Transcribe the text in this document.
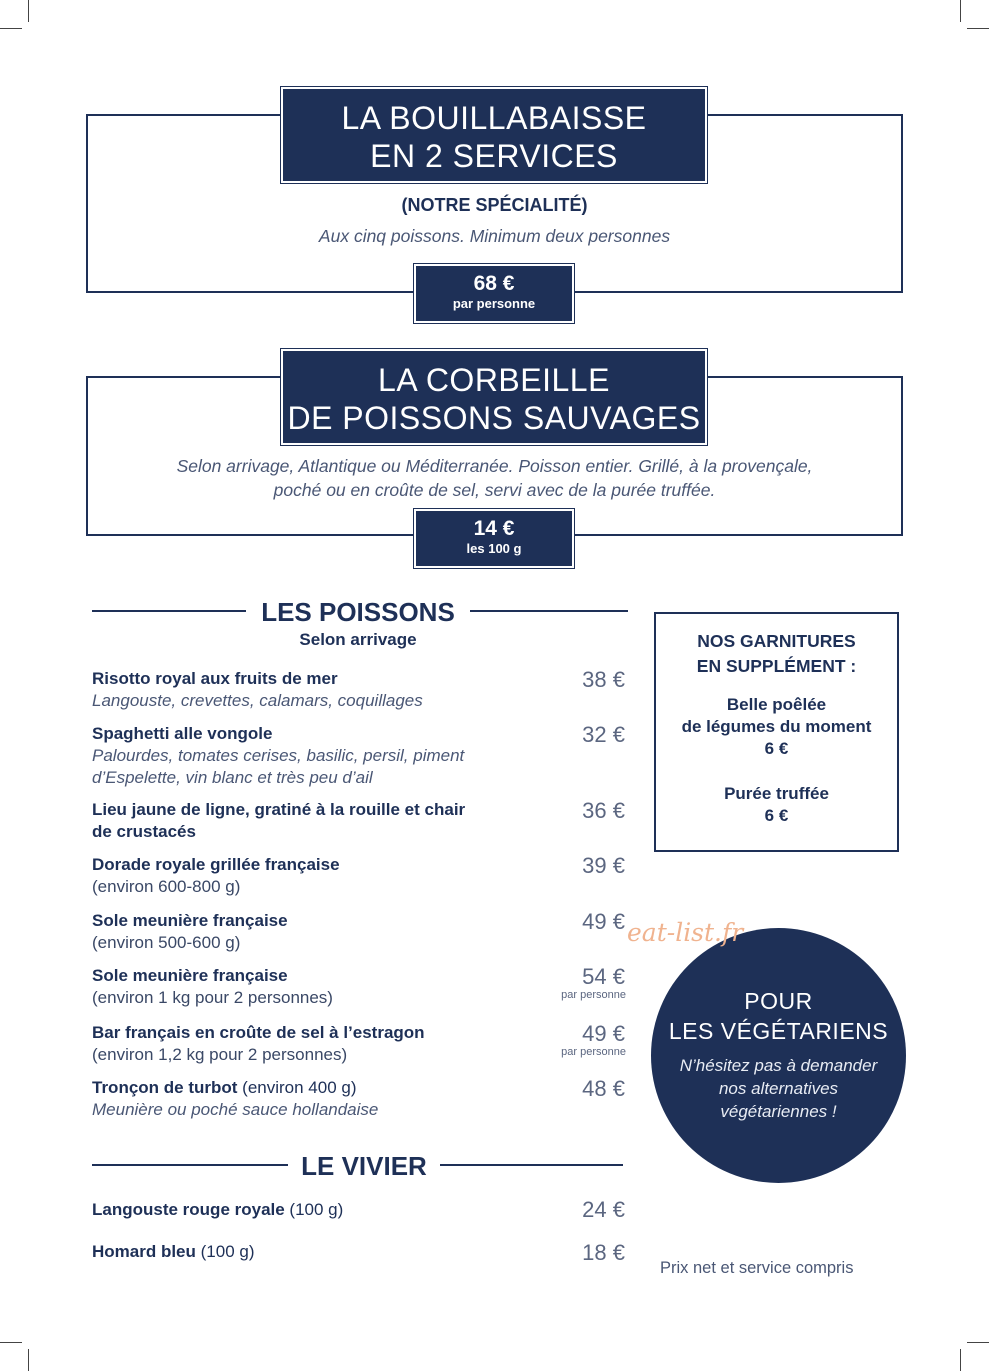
LA BOUILLABAISSE
EN 2 SERVICES
(NOTRE SPÉCIALITÉ)
Aux cinq poissons. Minimum deux personnes
68 €
par personne
LA CORBEILLE
DE POISSONS SAUVAGES
Selon arrivage, Atlantique ou Méditerranée. Poisson entier. Grillé, à la provençale,
poché ou en croûte de sel, servi avec de la purée truffée.
14 €
les 100 g
LES POISSONS
Selon arrivage
Risotto royal aux fruits de mer
Langouste, crevettes, calamars, coquillages
38 €
Spaghetti alle vongole
Palourdes, tomates cerises, basilic, persil, piment
d’Espelette, vin blanc et très peu d’ail
32 €
Lieu jaune de ligne, gratiné à la rouille et chair
de crustacés
36 €
Dorade royale grillée française
(environ 600-800 g)
39 €
Sole meunière française
(environ 500-600 g)
49 €
Sole meunière française
(environ 1 kg pour 2 personnes)
54 €
par personne
Bar français en croûte de sel à l’estragon
(environ 1,2 kg pour 2 personnes)
49 €
par personne
Tronçon de turbot (environ 400 g)
Meunière ou poché sauce hollandaise
48 €
LE VIVIER
Langouste rouge royale (100 g)	24 €
Homard bleu (100 g)	18 €
NOS GARNITURES
EN SUPPLÉMENT :
Belle poêlée
de légumes du moment
6 €
Purée truffée
6 €
POUR
LES VÉGÉTARIENS
N’hésitez pas à demander
nos alternatives
végétariennes !
eat-list.fr
Prix net et service compris
